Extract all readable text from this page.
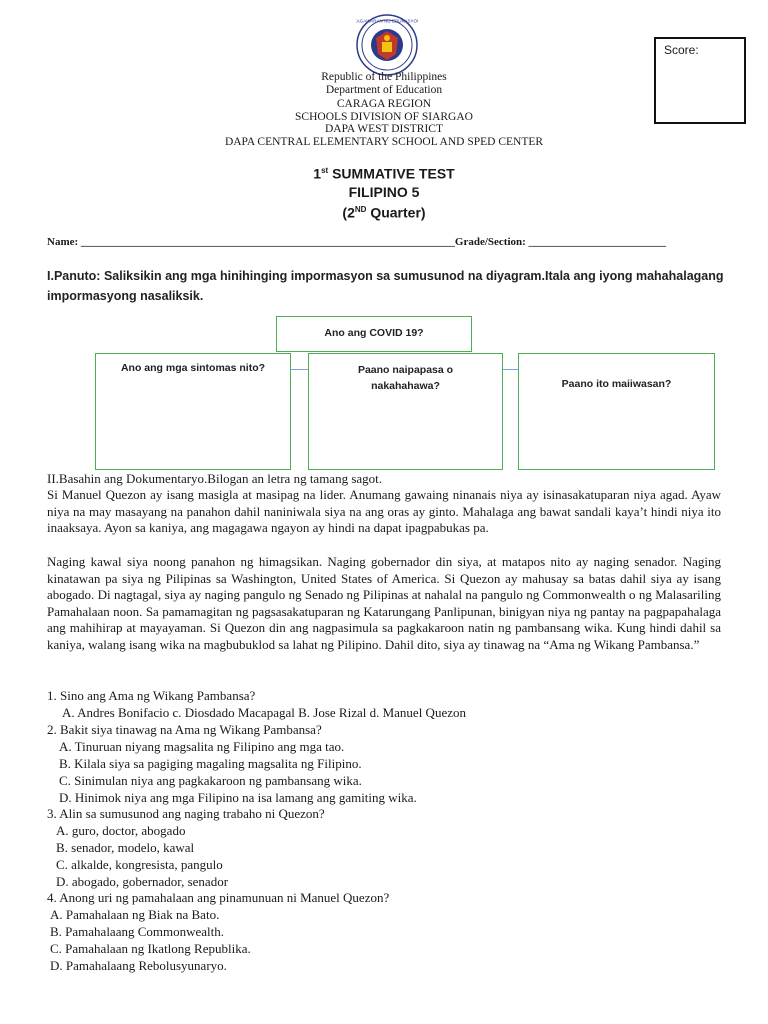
KAGAWARAN NG EDUKASYON
Score:
Republic of the Philippines
Department of Education
CARAGA REGION
SCHOOLS DIVISION OF SIARGAO
DAPA WEST DISTRICT
DAPA CENTRAL ELEMENTARY SCHOOL AND SPED CENTER
1st SUMMATIVE TEST
FILIPINO 5
(2ND Quarter)
Name: ____________________________________________________________________Grade/Section: _________________________
I.Panuto: Saliksikin ang mga hinihinging impormasyon sa sumusunod na diyagram.Itala ang iyong mahahalagang impormasyong nasaliksik.
Ano ang COVID 19?
Ano ang mga sintomas nito?	Paano naipapasa o nakahahawa?	Paano ito maiiwasan?
II.Basahin ang Dokumentaryo.Bilogan an letra ng tamang sagot.
Si Manuel Quezon ay isang masigla at masipag na lider. Anumang gawaing ninanais niya ay isinasakatuparan niya agad. Ayaw niya na may masayang na panahon dahil naniniwala siya na ang oras ay ginto. Mahalaga ang bawat sandali kaya’t hindi niya ito inaaksaya. Ayon sa kaniya, ang magagawa ngayon ay hindi na dapat ipagpabukas pa.
Naging kawal siya noong panahon ng himagsikan. Naging gobernador din siya, at matapos nito ay naging senador. Naging kinatawan pa siya ng Pilipinas sa Washington, United States of America. Si Quezon ay mahusay sa batas dahil siya ay isang abogado. Di nagtagal, siya ay naging pangulo ng Senado ng Pilipinas at nahalal na pangulo ng Commonwealth o ng Malasariling Pamahalaan noon. Sa pamamagitan ng pagsasakatuparan ng Katarungang Panlipunan, binigyan niya ng pantay na pagpapahalaga ang mahihirap at mayayaman. Si Quezon din ang nagpasimula sa pagkakaroon natin ng pambansang wika. Kung hindi dahil sa kaniya, walang isang wika na magbubuklod sa lahat ng Pilipino. Dahil dito, siya ay tinawag na “Ama ng Wikang Pambansa.”
1. Sino ang Ama ng Wikang Pambansa?
A. Andres Bonifacio c. Diosdado Macapagal B. Jose Rizal d. Manuel Quezon
2. Bakit siya tinawag na Ama ng Wikang Pambansa?
A. Tinuruan niyang magsalita ng Filipino ang mga tao.
B. Kilala siya sa pagiging magaling magsalita ng Filipino.
C. Sinimulan niya ang pagkakaroon ng pambansang wika.
D. Hinimok niya ang mga Filipino na isa lamang ang gamiting wika.
3. Alin sa sumusunod ang naging trabaho ni Quezon?
A. guro, doctor, abogado
B. senador, modelo, kawal
C. alkalde, kongresista, pangulo
D. abogado, gobernador, senador
4. Anong uri ng pamahalaan ang pinamunuan ni Manuel Quezon?
A. Pamahalaan ng Biak na Bato.
B. Pamahalaang Commonwealth.
C. Pamahalaan ng Ikatlong Republika.
D. Pamahalaang Rebolusyunaryo.
